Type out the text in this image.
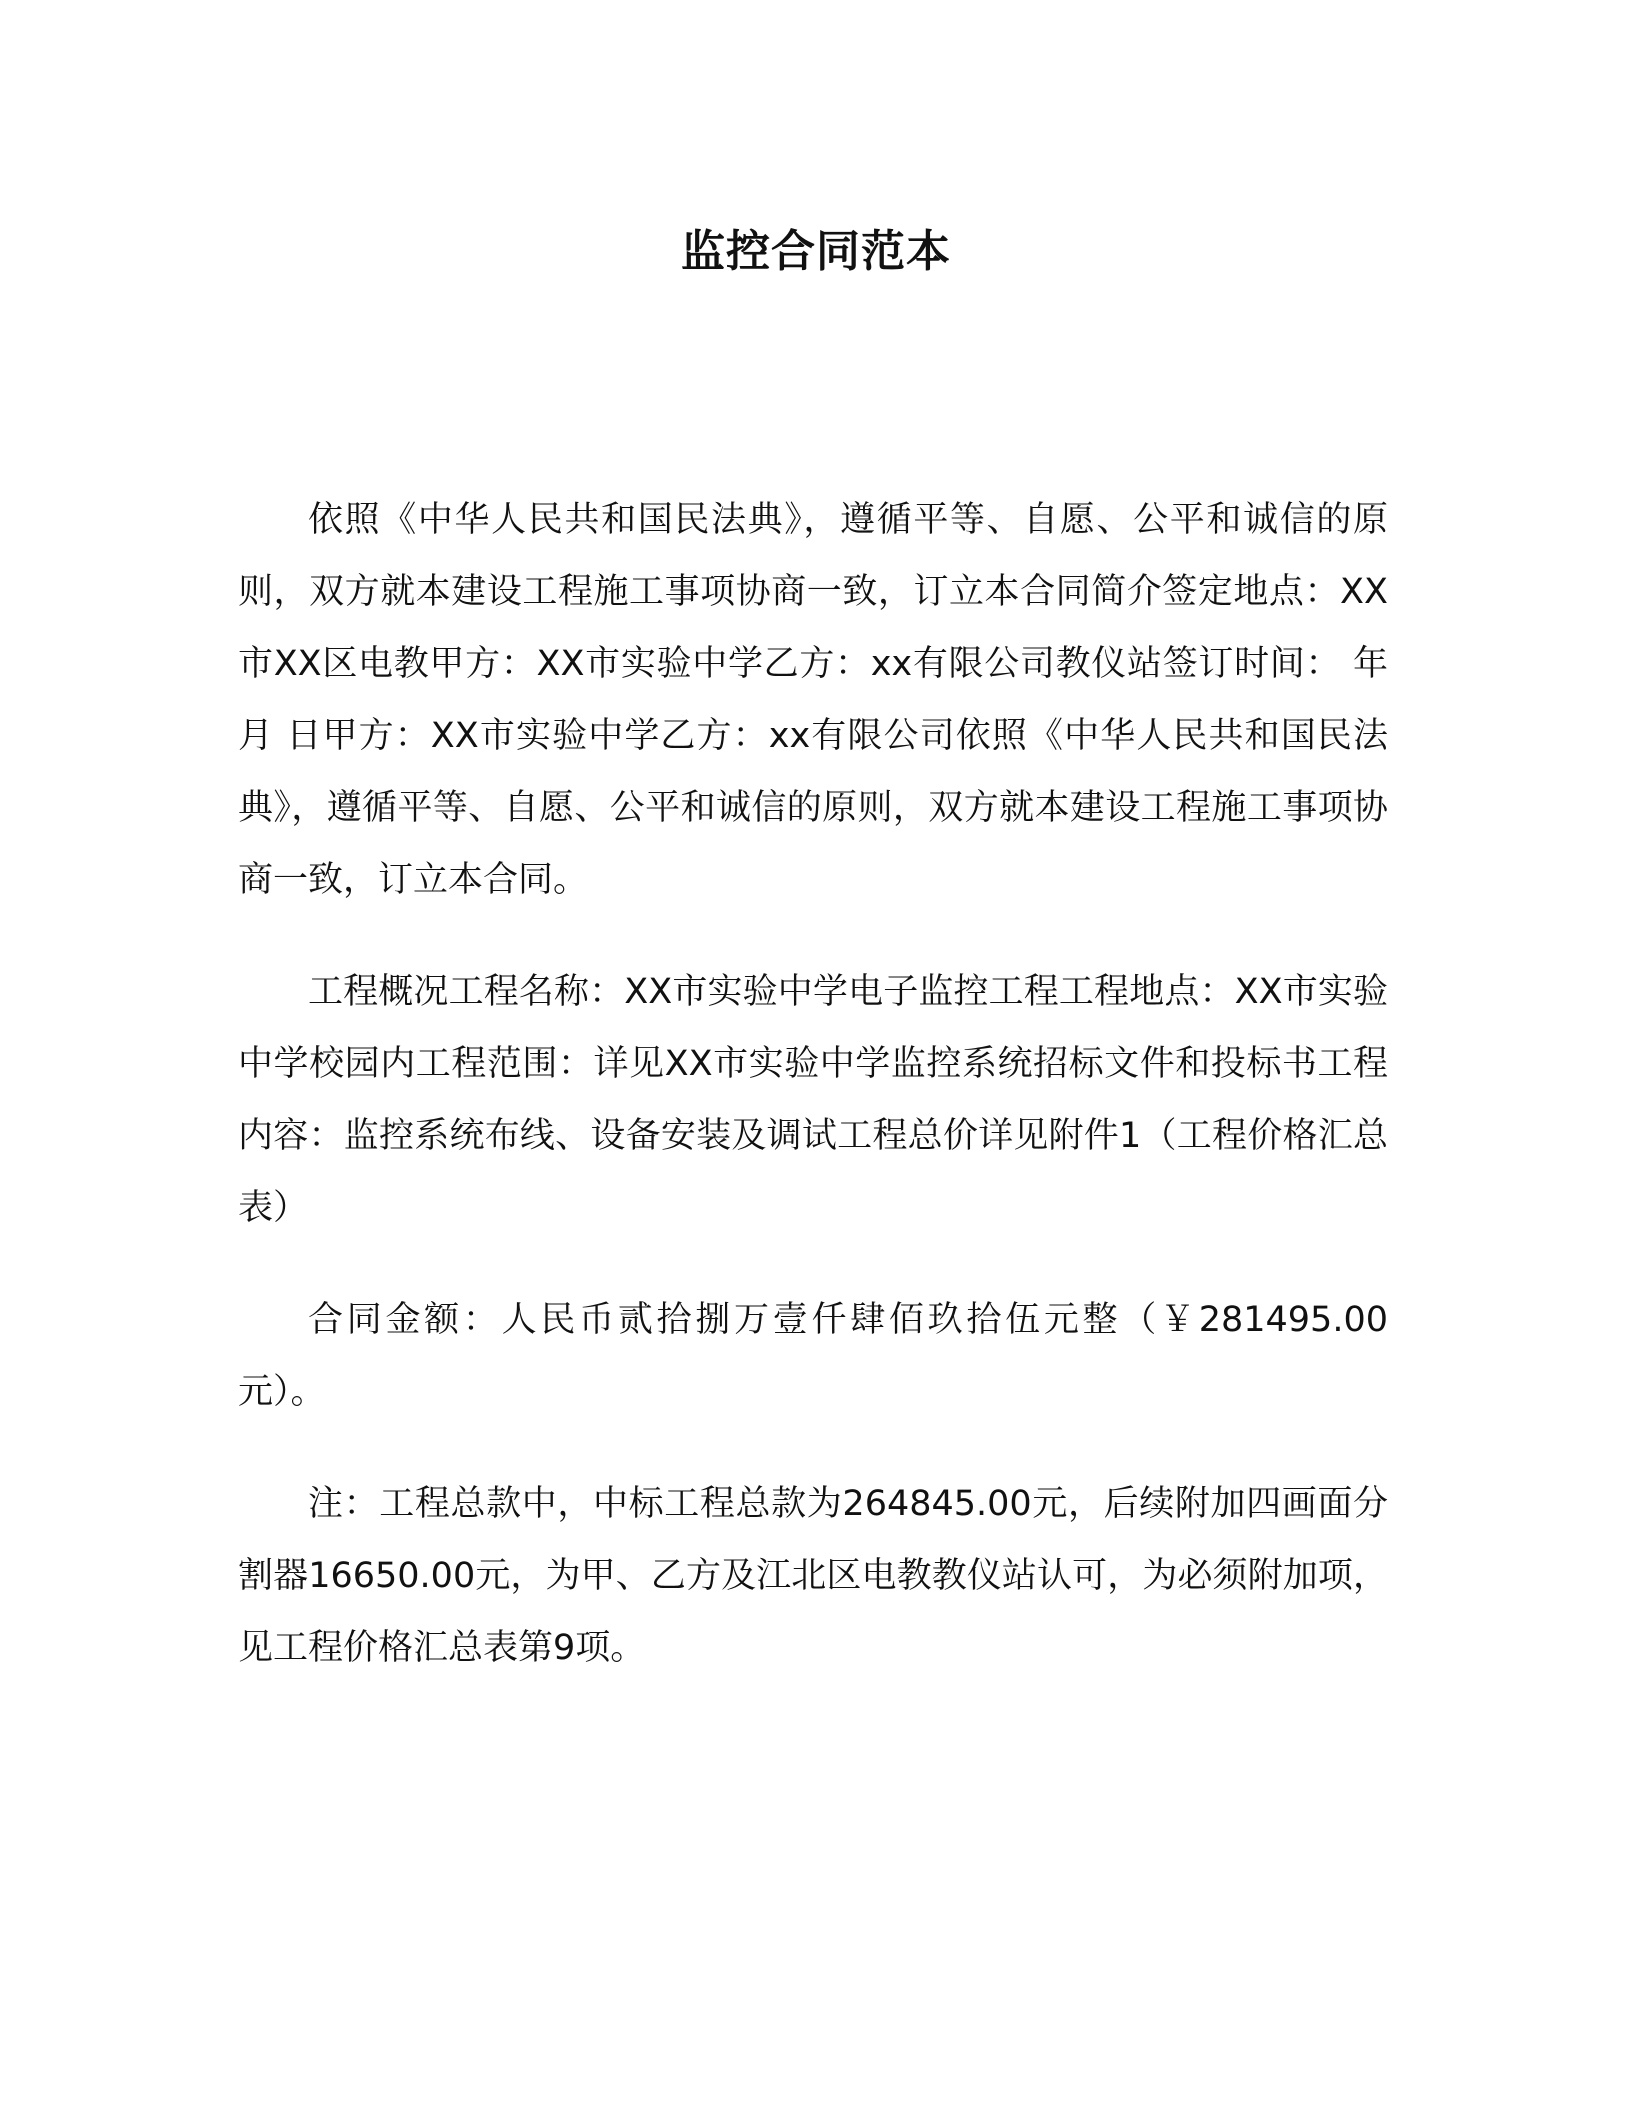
监控合同范本

依照《中华人民共和国民法典》，遵循平等、自愿、公平和诚信的原则，双方就本建设工程施工事项协商一致，订立本合同简介签定地点：XX市XX区电教甲方：XX市实验中学乙方：xx有限公司教仪站签订时间： 年 月 日甲方：XX市实验中学乙方：xx有限公司依照《中华人民共和国民法典》，遵循平等、自愿、公平和诚信的原则，双方就本建设工程施工事项协商一致，订立本合同。

工程概况工程名称：XX市实验中学电子监控工程工程地点：XX市实验中学校园内工程范围：详见XX市实验中学监控系统招标文件和投标书工程内容：监控系统布线、设备安装及调试工程总价详见附件1（工程价格汇总表）

合同金额：人民币贰拾捌万壹仟肆佰玖拾伍元整（￥281495.00元）。

注：工程总款中，中标工程总款为264845.00元，后续附加四画面分割器16650.00元，为甲、乙方及江北区电教教仪站认可，为必须附加项，见工程价格汇总表第9项。
